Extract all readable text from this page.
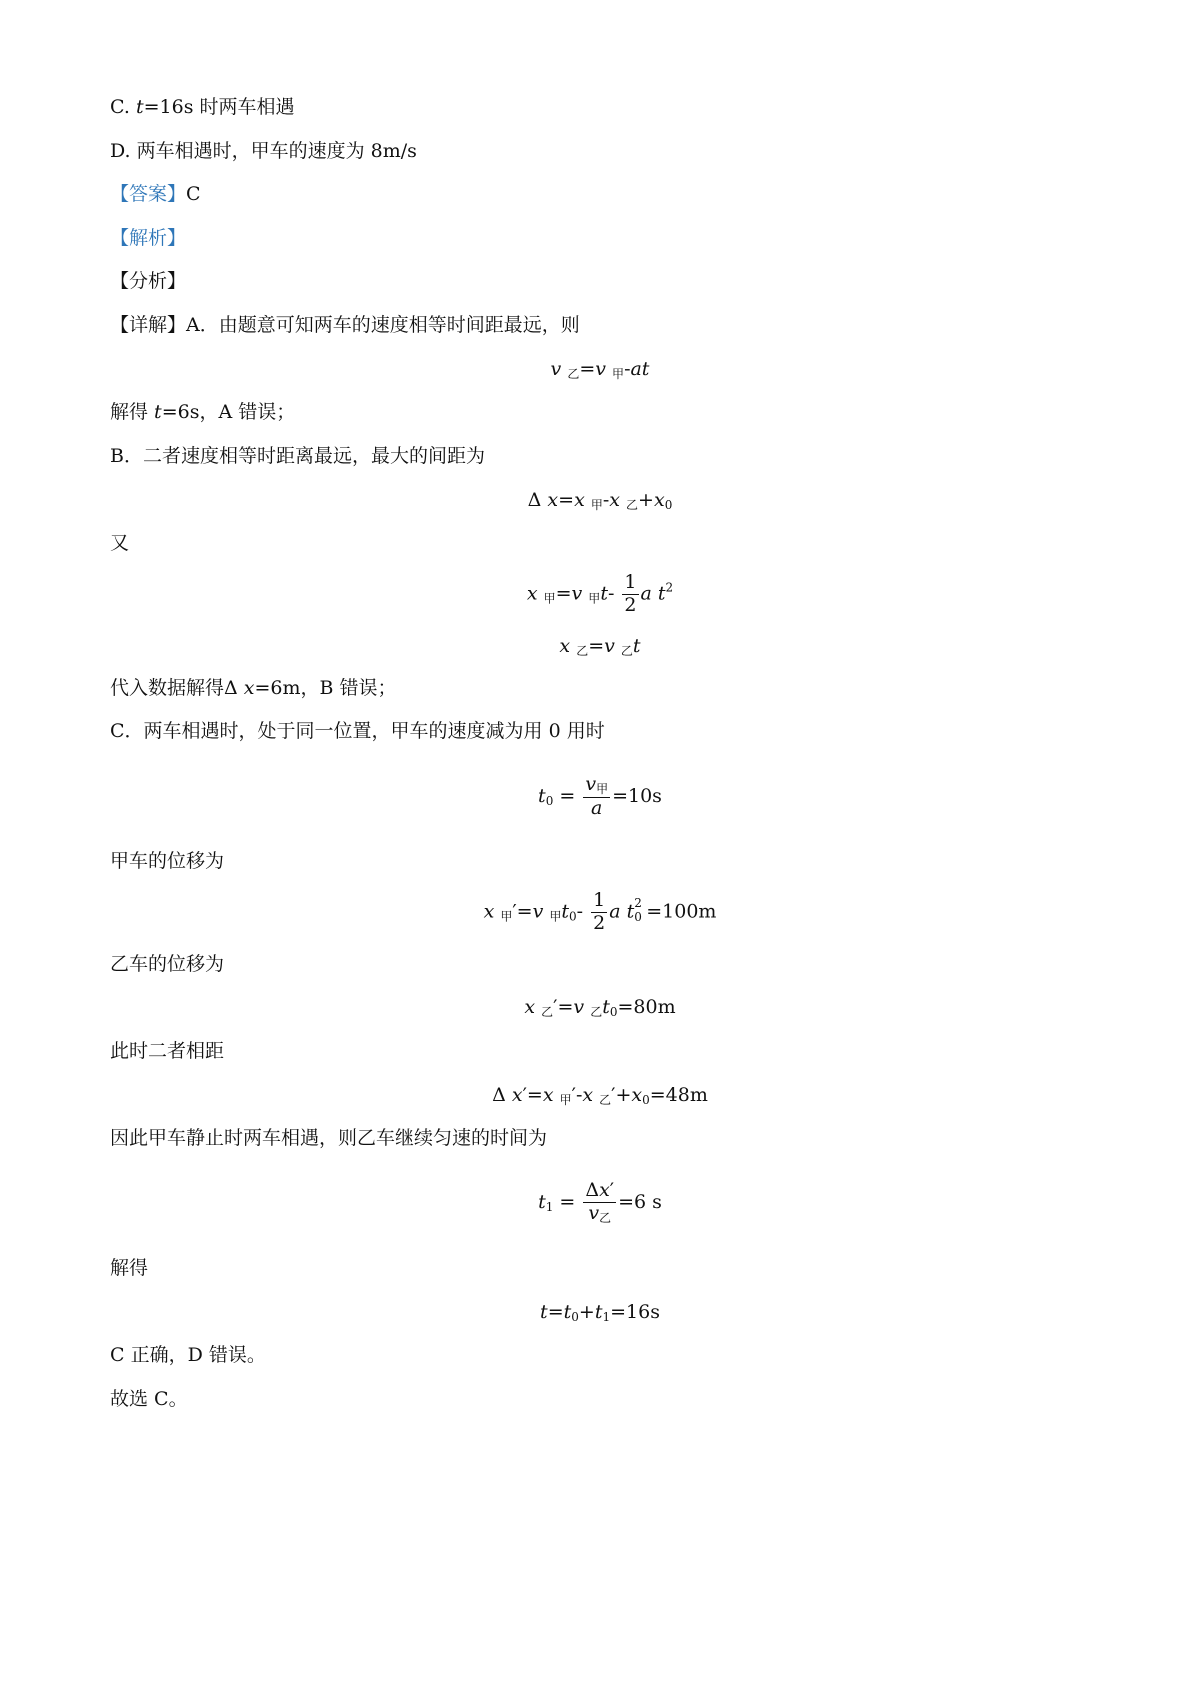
C. t=16s 时两车相遇
D. 两车相遇时，甲车的速度为 8m/s
【答案】C
【解析】
【分析】
【详解】A．由题意可知两车的速度相等时间距最远，则
v 乙=v 甲-at
解得 t=6s，A 错误；
B．二者速度相等时距离最远，最大的间距为
Δ x=x 甲-x 乙+x0
又
x 甲=v 甲$t- \frac{1}{2}$ a $t^2$
x 乙=v 乙t
代入数据解得Δ x=6m，B 错误；
C．两车相遇时，处于同一位置，甲车的速度减为用 0 用时
$t0 = \frac{\text{v甲}}{a} =10s$
甲车的位移为
x 甲′=v 甲$t0- \frac{1}{2}$ a t 2
0 =100m
乙车的位移为
x 乙′=v 乙t0=80m
此时二者相距
Δ x′=x 甲′-x 乙′+x0=48m
因此甲车静止时两车相遇，则乙车继续匀速的时间为
$t1 = \frac{\Delta x'}{\text{v乙}} =6$ s
解得
t=t0+t1=16s
C 正确，D 错误。
故选 C。
